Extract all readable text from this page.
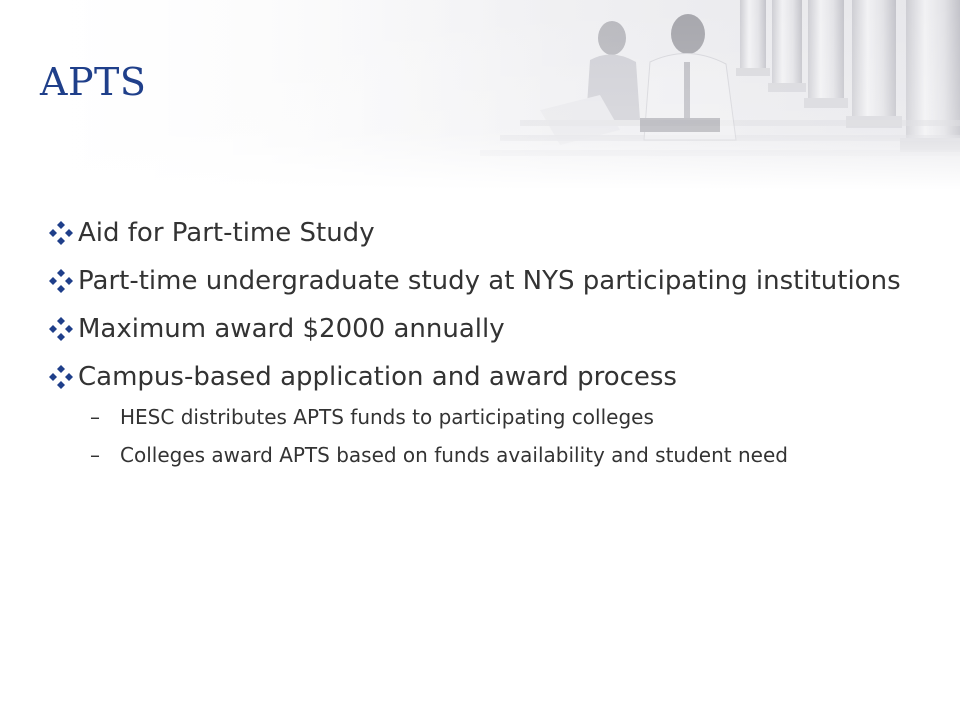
APTS
Aid for Part-time Study
Part-time undergraduate study at NYS participating institutions
Maximum award $2000 annually
Campus-based application and award process
– HESC distributes APTS funds to participating colleges
– Colleges award APTS based on funds availability and student need
